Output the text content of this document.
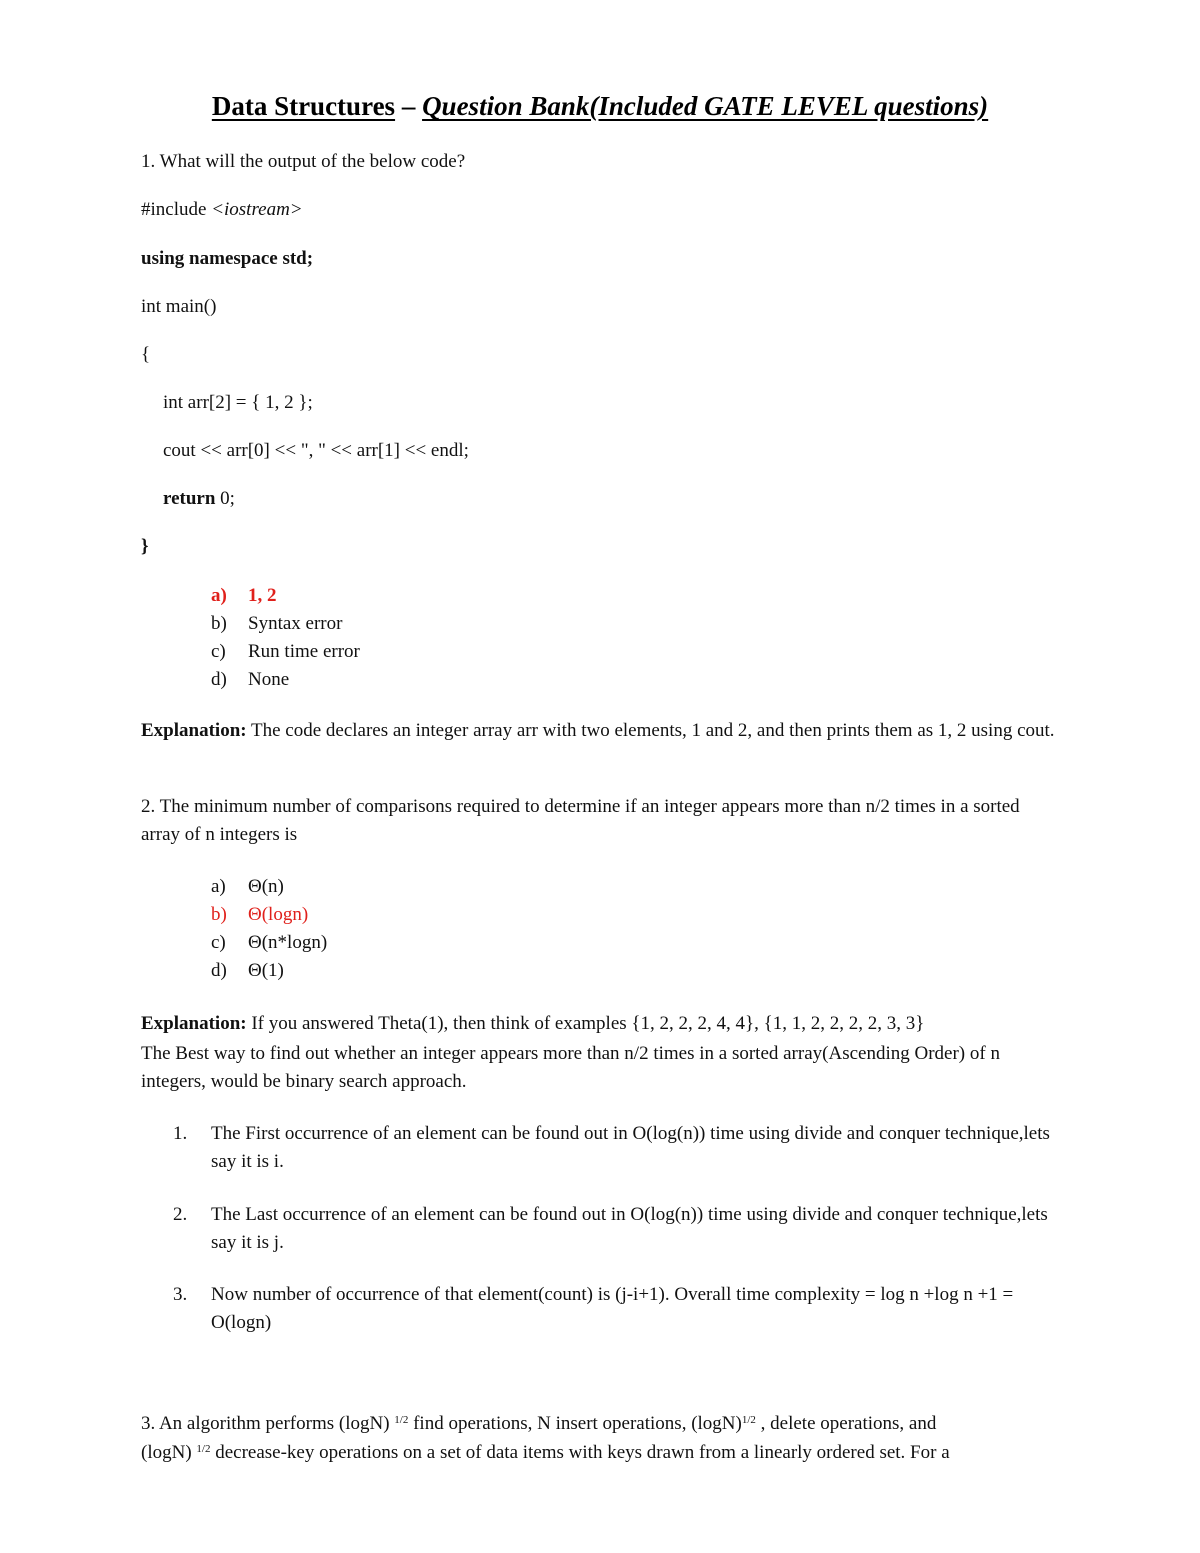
Data Structures – Question Bank(Included GATE LEVEL questions)
1. What will the output of the below code?
#include <iostream>
using namespace std;
int main()
{
int arr[2] = { 1, 2 };
cout << arr[0] << ", " << arr[1] << endl;
return 0;
}
a) 1, 2
b) Syntax error
c) Run time error
d) None
Explanation: The code declares an integer array arr with two elements, 1 and 2, and then prints them as 1, 2 using cout.
2. The minimum number of comparisons required to determine if an integer appears more than n/2 times in a sorted array of n integers is
a) Θ(n)
b) Θ(logn)
c) Θ(n*logn)
d) Θ(1)
Explanation: If you answered Theta(1), then think of examples {1, 2, 2, 2, 4, 4}, {1, 1, 2, 2, 2, 2, 3, 3}
The Best way to find out whether an integer appears more than n/2 times in a sorted array(Ascending Order) of n integers, would be binary search approach.
1. The First occurrence of an element can be found out in O(log(n)) time using divide and conquer technique,lets say it is i.
2. The Last occurrence of an element can be found out in O(log(n)) time using divide and conquer technique,lets say it is j.
3. Now number of occurrence of that element(count) is (j-i+1). Overall time complexity = log n +log n +1 = O(logn)
3. An algorithm performs (logN) $^{1/2}$ find operations, N insert operations, $(\log N)^{1/2}$ , delete operations, and
(logN) $^{1/2}$ decrease-key operations on a set of data items with keys drawn from a linearly ordered set. For a
